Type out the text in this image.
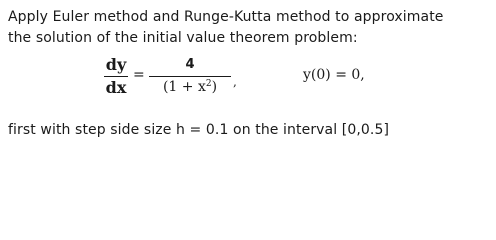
Apply Euler method and Runge-Kutta method to approximate
the solution of the initial value theorem problem:
dy
dx
=
4
$(1 + x^2)$	,	y(0) = 0,
first with step side size h = 0.1 on the interval [0,0.5]
